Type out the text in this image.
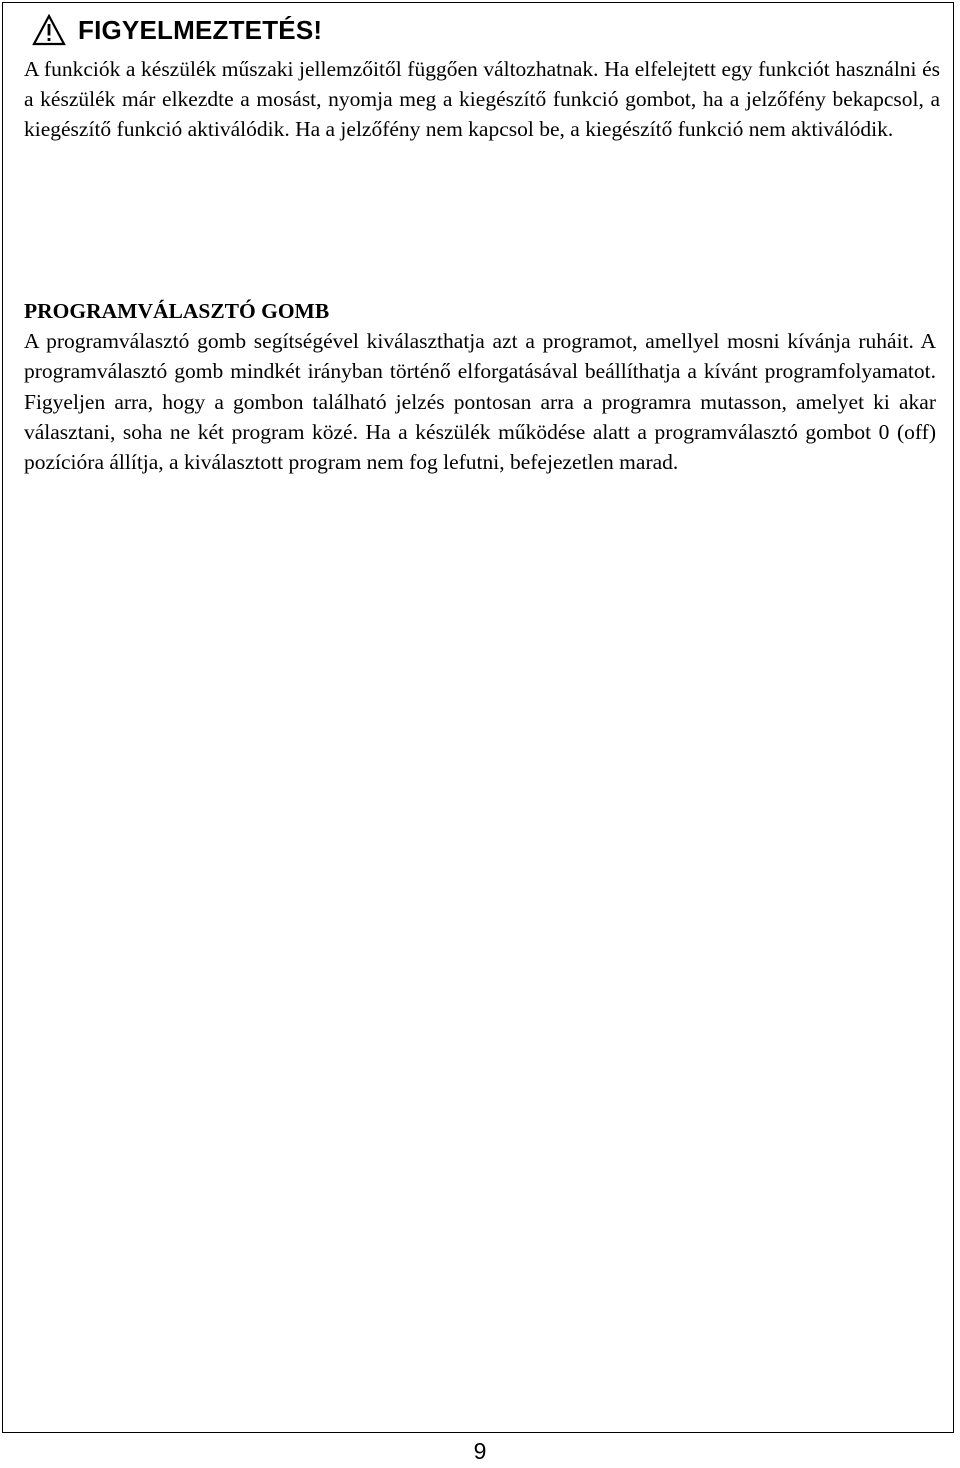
FIGYELMEZTETÉS!

A funkciók a készülék műszaki jellemzőitől függően változhatnak. Ha elfelejtett egy funkciót használni és a készülék már elkezdte a mosást, nyomja meg a kiegészítő funkció gombot, ha a jelzőfény bekapcsol, a kiegészítő funkció aktiválódik. Ha a jelzőfény nem kapcsol be, a kiegészítő funkció nem aktiválódik.

PROGRAMVÁLASZTÓ GOMB

A programválasztó gomb segítségével kiválaszthatja azt a programot, amellyel mosni kívánja ruháit. A programválasztó gomb mindkét irányban történő elforgatásával beállíthatja a kívánt programfolyamatot. Figyeljen arra, hogy a gombon található jelzés pontosan arra a programra mutasson, amelyet ki akar választani, soha ne két program közé. Ha a készülék működése alatt a programválasztó gombot 0 (off) pozícióra állítja, a kiválasztott program nem fog lefutni, befejezetlen marad.

9
